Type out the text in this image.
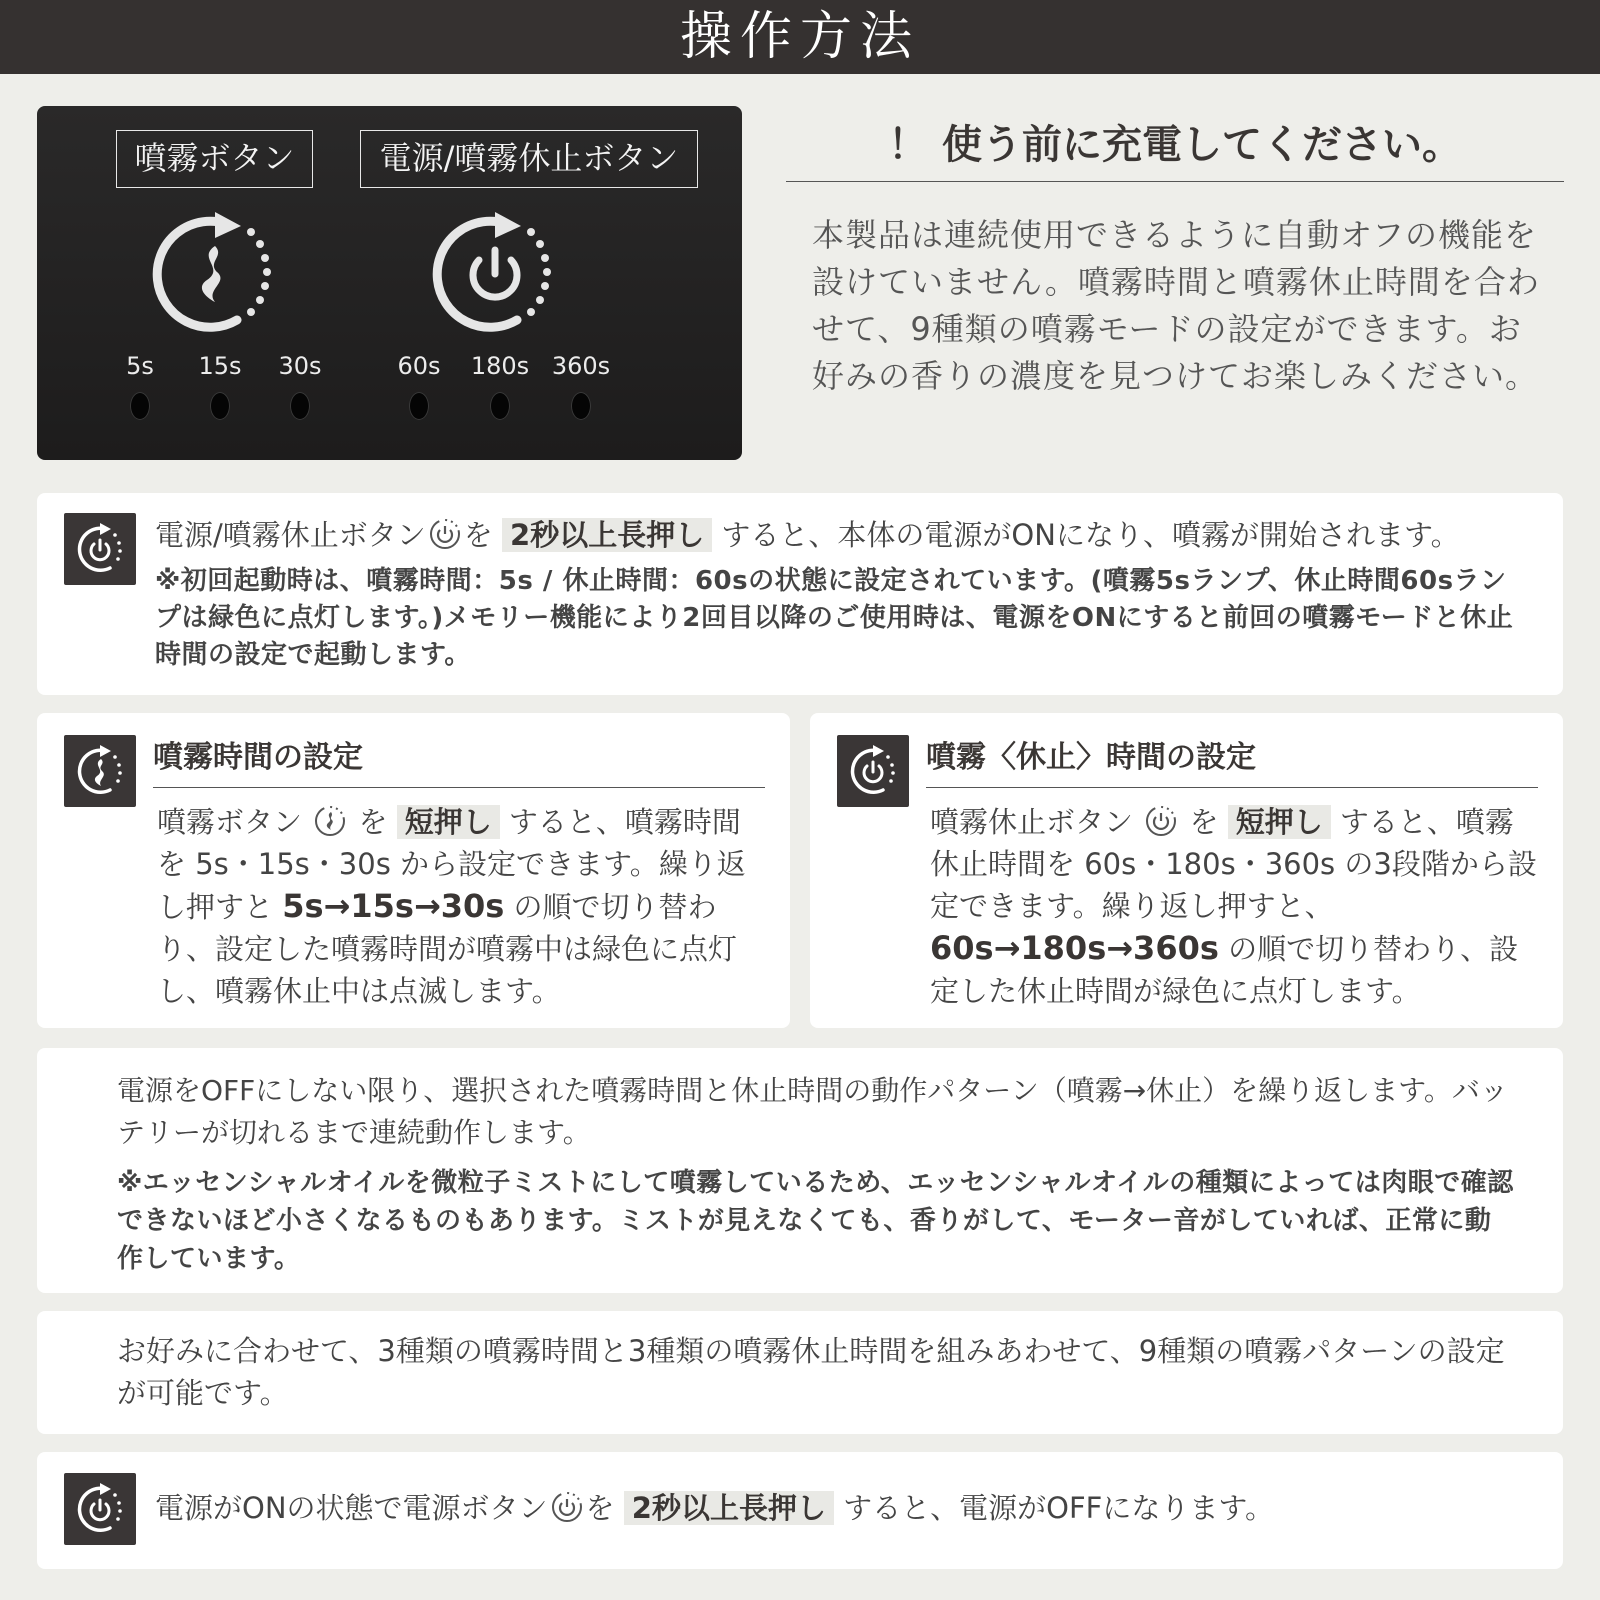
操作方法
噴霧ボタン	電源/噴霧休止ボタン
5s	15s	30s	60s	180s 360s
！ 使う前に充電してください。
本製品は連続使用できるように自動オフの機能を設けていません。噴霧時間と噴霧休止時間を合わせて、9種類の噴霧モードの設定ができます。お好みの香りの濃度を見つけてお楽しみください。
電源/噴霧休止ボタン を 2秒以上長押し すると、本体の電源がONになり、噴霧が開始されます。
※初回起動時は、噴霧時間：5s / 休止時間：60sの状態に設定されています。(噴霧5sランプ、休止時間60sランプは緑色に点灯します。)メモリー機能により2回目以降のご使用時は、電源をONにすると前回の噴霧モードと休止時間の設定で起動します。
噴霧時間の設定
噴霧ボタン を 短押し すると、噴霧時間を 5s・15s・30s から設定できます。繰り返し押すと 5s→15s→30s の順で切り替わり、設定した噴霧時間が噴霧中は緑色に点灯し、噴霧休止中は点滅します。
噴霧〈休止〉時間の設定
噴霧休止ボタン を 短押し すると、噴霧休止時間を 60s・180s・360s の3段階から設定できます。繰り返し押すと、 60s→180s→360s の順で切り替わり、設定した休止時間が緑色に点灯します。
電源をOFFにしない限り、選択された噴霧時間と休止時間の動作パターン（噴霧→休止）を繰り返します。バッテリーが切れるまで連続動作します。
※エッセンシャルオイルを微粒子ミストにして噴霧しているため、エッセンシャルオイルの種類によっては肉眼で確認できないほど小さくなるものもあります。ミストが見えなくても、香りがして、モーター音がしていれば、正常に動作しています。
お好みに合わせて、3種類の噴霧時間と3種類の噴霧休止時間を組みあわせて、9種類の噴霧パターンの設定が可能です。
電源がONの状態で電源ボタン を 2秒以上長押し すると、電源がOFFになります。
